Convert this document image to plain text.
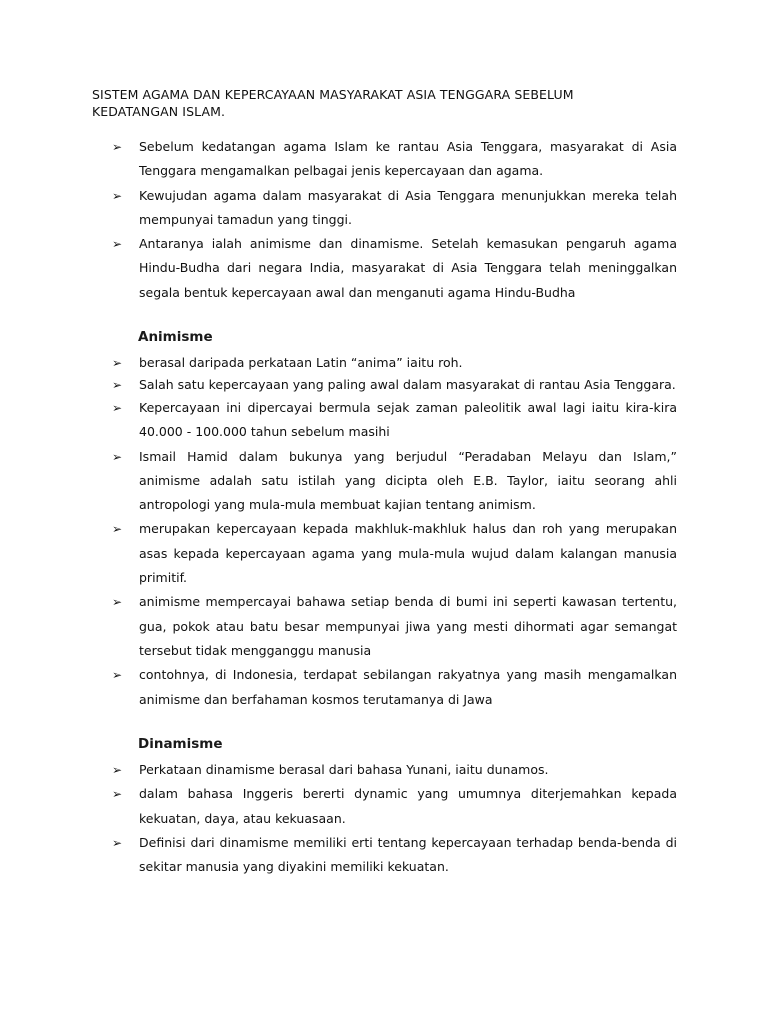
SISTEM AGAMA DAN KEPERCAYAAN MASYARAKAT ASIA TENGGARA SEBELUM KEDATANGAN ISLAM.
➢ Sebelum kedatangan agama Islam ke rantau Asia Tenggara, masyarakat di Asia Tenggara mengamalkan pelbagai jenis kepercayaan dan agama.
➢ Kewujudan agama dalam masyarakat di Asia Tenggara menunjukkan mereka telah mempunyai tamadun yang tinggi.
➢ Antaranya ialah animisme dan dinamisme. Setelah kemasukan pengaruh agama Hindu-Budha dari negara India, masyarakat di Asia Tenggara telah meninggalkan segala bentuk kepercayaan awal dan menganuti agama Hindu-Budha
Animisme
➢ berasal daripada perkataan Latin “anima” iaitu roh.
➢ Salah satu kepercayaan yang paling awal dalam masyarakat di rantau Asia Tenggara.
➢ Kepercayaan ini dipercayai bermula sejak zaman paleolitik awal lagi iaitu kira-kira 40.000 - 100.000 tahun sebelum masihi
➢ Ismail Hamid dalam bukunya yang berjudul “Peradaban Melayu dan Islam,” animisme adalah satu istilah yang dicipta oleh E.B. Taylor, iaitu seorang ahli antropologi yang mula-mula membuat kajian tentang animism.
➢ merupakan kepercayaan kepada makhluk-makhluk halus dan roh yang merupakan asas kepada kepercayaan agama yang mula-mula wujud dalam kalangan manusia primitif.
➢ animisme mempercayai bahawa setiap benda di bumi ini seperti kawasan tertentu, gua, pokok atau batu besar mempunyai jiwa yang mesti dihormati agar semangat tersebut tidak mengganggu manusia
➢ contohnya, di Indonesia, terdapat sebilangan rakyatnya yang masih mengamalkan animisme dan berfahaman kosmos terutamanya di Jawa
Dinamisme
➢ Perkataan dinamisme berasal dari bahasa Yunani, iaitu dunamos.
➢ dalam bahasa Inggeris bererti dynamic yang umumnya diterjemahkan kepada kekuatan, daya, atau kekuasaan.
➢ Definisi dari dinamisme memiliki erti tentang kepercayaan terhadap benda-benda di sekitar manusia yang diyakini memiliki kekuatan.
